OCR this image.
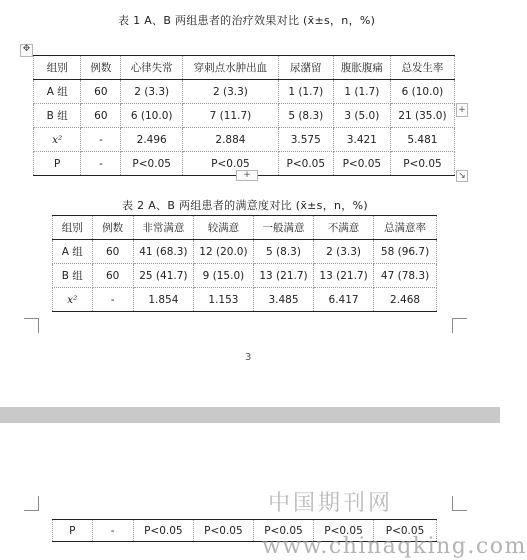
表 1 A、B 两组患者的治疗效果对比 (x̄±s，n，%)
✥
组别	例数	心律失常	穿刺点水肿出血	尿潴留	腹胀腹痛	总发生率
A 组	60	2 (3.3)	2 (3.3)	1 (1.7)	1 (1.7)	6 (10.0)
B 组	60	6 (10.0)	7 (11.7)	5 (8.3)	3 (5.0)	21 (35.0)
x²	-	2.496	2.884	3.575	3.421	5.481
P	-	P<0.05	P<0.05	P<0.05	P<0.05	P<0.05
+
+	↘
表 2 A、B 两组患者的满意度对比 (x̄±s，n，%)
组别	例数	非常满意	较满意	一般满意	不满意	总满意率
A 组	60	41 (68.3)	12 (20.0)	5 (8.3)	2 (3.3)	58 (96.7)
B 组	60	25 (41.7)	9 (15.0)	13 (21.7)	13 (21.7)	47 (78.3)
x²	-	1.854	1.153	3.485	6.417	2.468
3
P	-	P<0.05	P<0.05	P<0.05	P<0.05	P<0.05
中国期刊网
www.chinaqking.com
